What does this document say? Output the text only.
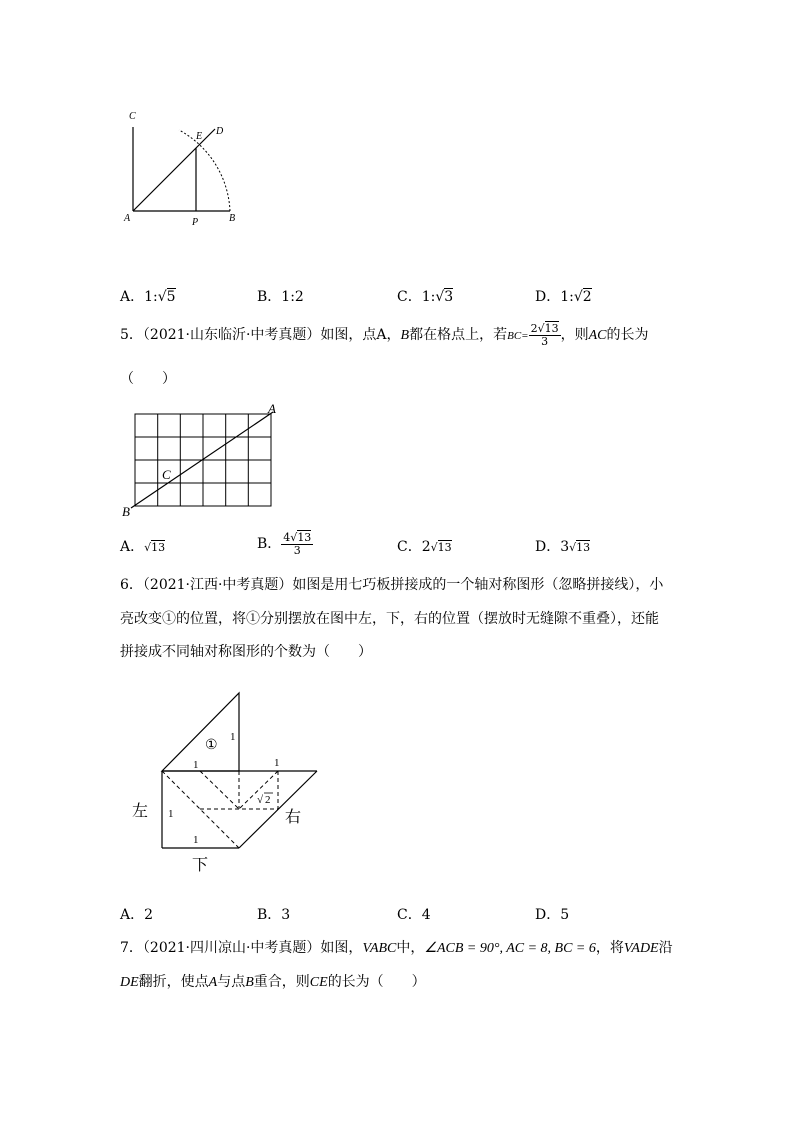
C
E D
A	P	B
A．1:√5	B．1:2	C．1:√3	D．1:√2
5．（2021·山东临沂·中考真题）如图，点A，B都在格点上，若$BC= \frac{2√13}{3}$ ，则AC的长为
（　　）
A
B
C
A．√13	B． $\frac{4√13}{3}$	C．2√13	D．3√13
6．（2021·江西·中考真题）如图是用七巧板拼接成的一个轴对称图形（忽略拼接线），小
亮改变①的位置，将①分别摆放在图中左，下，右的位置（摆放时无缝隙不重叠），还能
拼接成不同轴对称图形的个数为（　　）
①
1
1	1
1
1
√ 2
左	右
下
A．2	B．3	C．4	D．5
7．（2021·四川凉山·中考真题）如图，VABC中，∠ACB = 90°, AC = 8, BC = 6，将VADE沿
DE翻折，使点A与点B重合，则CE的长为（　　）
